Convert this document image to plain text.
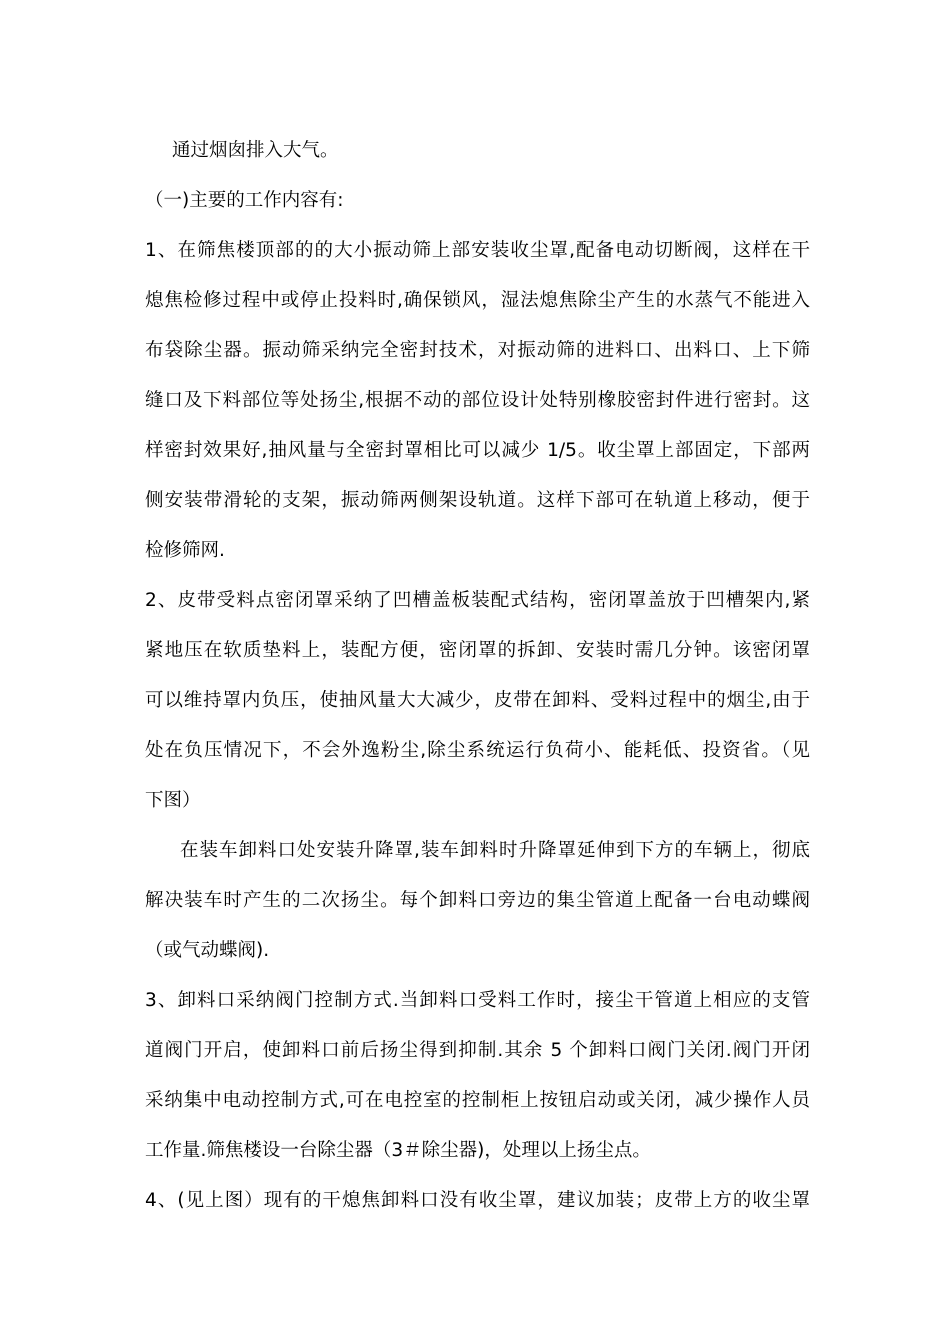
通过烟囱排入大气。
（一)主要的工作内容有:
1、在筛焦楼顶部的的大小振动筛上部安装收尘罩,配备电动切断阀，这样在干
熄焦检修过程中或停止投料时,确保锁风，湿法熄焦除尘产生的水蒸气不能进入
布袋除尘器。振动筛采纳完全密封技术，对振动筛的进料口、出料口、上下筛
缝口及下料部位等处扬尘,根据不动的部位设计处特别橡胶密封件进行密封。这
样密封效果好,抽风量与全密封罩相比可以减少 1/5。收尘罩上部固定，下部两
侧安装带滑轮的支架，振动筛两侧架设轨道。这样下部可在轨道上移动，便于
检修筛网.
2、皮带受料点密闭罩采纳了凹槽盖板装配式结构，密闭罩盖放于凹槽架内,紧
紧地压在软质垫料上，装配方便，密闭罩的拆卸、安装时需几分钟。该密闭罩
可以维持罩内负压，使抽风量大大减少，皮带在卸料、受料过程中的烟尘,由于
处在负压情况下，不会外逸粉尘,除尘系统运行负荷小、能耗低、投资省。（见
下图）
在装车卸料口处安装升降罩,装车卸料时升降罩延伸到下方的车辆上，彻底
解决装车时产生的二次扬尘。每个卸料口旁边的集尘管道上配备一台电动蝶阀
（或气动蝶阀).
3、卸料口采纳阀门控制方式.当卸料口受料工作时，接尘干管道上相应的支管
道阀门开启，使卸料口前后扬尘得到抑制.其余 5 个卸料口阀门关闭.阀门开闭
采纳集中电动控制方式,可在电控室的控制柜上按钮启动或关闭，减少操作人员
工作量.筛焦楼设一台除尘器（3＃除尘器)，处理以上扬尘点。
4、(见上图）现有的干熄焦卸料口没有收尘罩，建议加装；皮带上方的收尘罩
